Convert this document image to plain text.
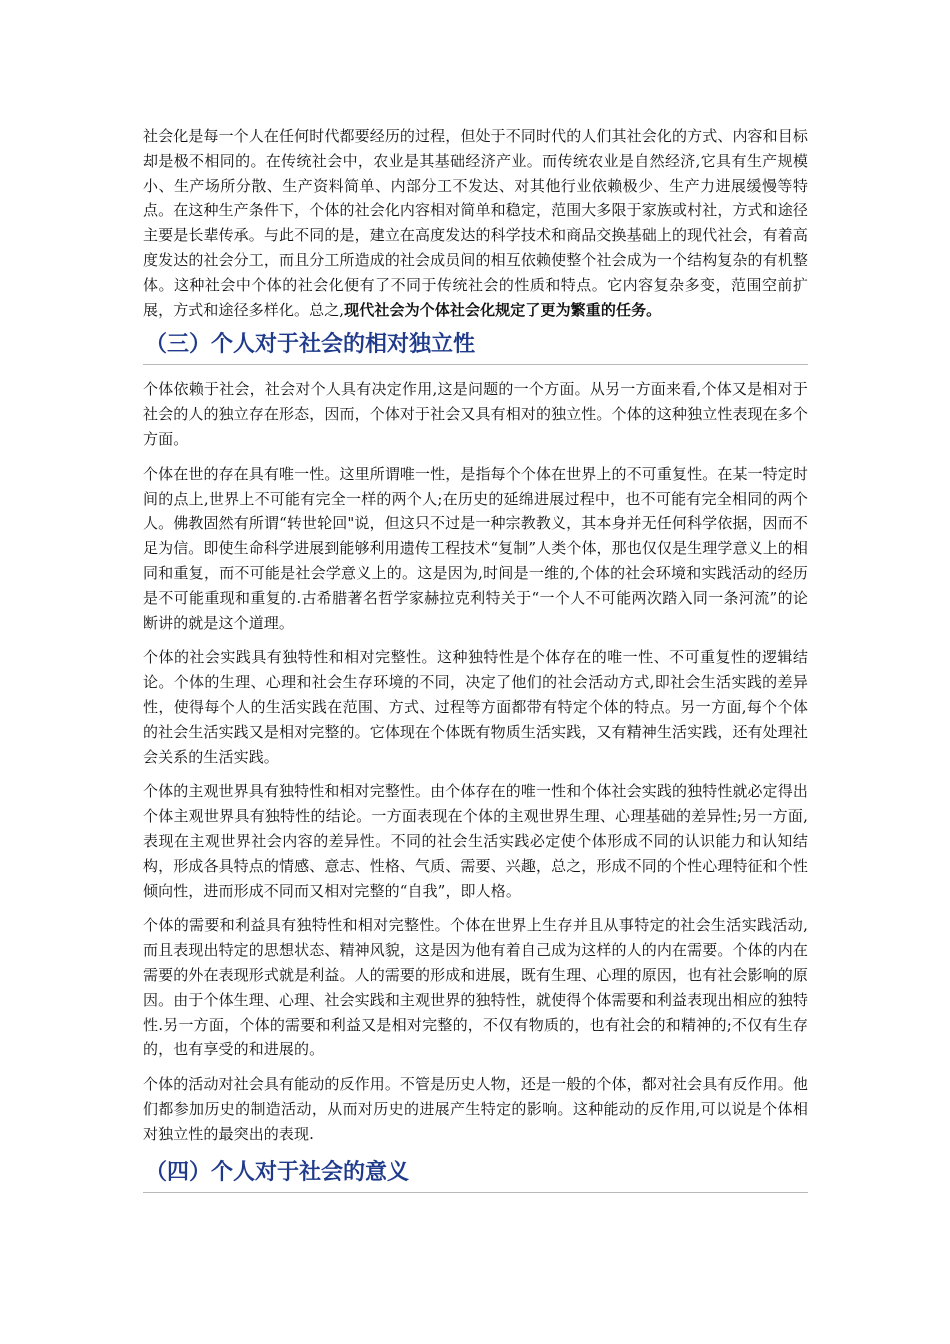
社会化是每一个人在任何时代都要经历的过程，但处于不同时代的人们其社会化的方式、内容和目标却是极不相同的。在传统社会中，农业是其基础经济产业。而传统农业是自然经济,它具有生产规模小、生产场所分散、生产资料简单、内部分工不发达、对其他行业依赖极少、生产力进展缓慢等特点。在这种生产条件下，个体的社会化内容相对简单和稳定，范围大多限于家族或村社，方式和途径主要是长辈传承。与此不同的是，建立在高度发达的科学技术和商品交换基础上的现代社会，有着高度发达的社会分工，而且分工所造成的社会成员间的相互依赖使整个社会成为一个结构复杂的有机整体。这种社会中个体的社会化便有了不同于传统社会的性质和特点。它内容复杂多变，范围空前扩展，方式和途径多样化。总之,现代社会为个体社会化规定了更为繁重的任务。

（三）个人对于社会的相对独立性

个体依赖于社会，社会对个人具有决定作用,这是问题的一个方面。从另一方面来看,个体又是相对于社会的人的独立存在形态，因而，个体对于社会又具有相对的独立性。个体的这种独立性表现在多个方面。

个体在世的存在具有唯一性。这里所谓唯一性，是指每个个体在世界上的不可重复性。在某一特定时间的点上,世界上不可能有完全一样的两个人;在历史的延绵进展过程中，也不可能有完全相同的两个人。佛教固然有所谓“转世轮回"说，但这只不过是一种宗教教义，其本身并无任何科学依据，因而不足为信。即使生命科学进展到能够利用遗传工程技术“复制”人类个体，那也仅仅是生理学意义上的相同和重复，而不可能是社会学意义上的。这是因为,时间是一维的,个体的社会环境和实践活动的经历是不可能重现和重复的.古希腊著名哲学家赫拉克利特关于“一个人不可能两次踏入同一条河流”的论断讲的就是这个道理。

个体的社会实践具有独特性和相对完整性。这种独特性是个体存在的唯一性、不可重复性的逻辑结论。个体的生理、心理和社会生存环境的不同，决定了他们的社会活动方式,即社会生活实践的差异性，使得每个人的生活实践在范围、方式、过程等方面都带有特定个体的特点。另一方面,每个个体的社会生活实践又是相对完整的。它体现在个体既有物质生活实践，又有精神生活实践，还有处理社会关系的生活实践。

个体的主观世界具有独特性和相对完整性。由个体存在的唯一性和个体社会实践的独特性就必定得出个体主观世界具有独特性的结论。一方面表现在个体的主观世界生理、心理基础的差异性;另一方面,表现在主观世界社会内容的差异性。不同的社会生活实践必定使个体形成不同的认识能力和认知结构，形成各具特点的情感、意志、性格、气质、需要、兴趣，总之，形成不同的个性心理特征和个性倾向性，进而形成不同而又相对完整的“自我”，即人格。

个体的需要和利益具有独特性和相对完整性。个体在世界上生存并且从事特定的社会生活实践活动,而且表现出特定的思想状态、精神风貌，这是因为他有着自己成为这样的人的内在需要。个体的内在需要的外在表现形式就是利益。人的需要的形成和进展，既有生理、心理的原因，也有社会影响的原因。由于个体生理、心理、社会实践和主观世界的独特性，就使得个体需要和利益表现出相应的独特性.另一方面，个体的需要和利益又是相对完整的，不仅有物质的，也有社会的和精神的;不仅有生存的，也有享受的和进展的。

个体的活动对社会具有能动的反作用。不管是历史人物，还是一般的个体，都对社会具有反作用。他们都参加历史的制造活动，从而对历史的进展产生特定的影响。这种能动的反作用,可以说是个体相对独立性的最突出的表现.

（四）个人对于社会的意义
